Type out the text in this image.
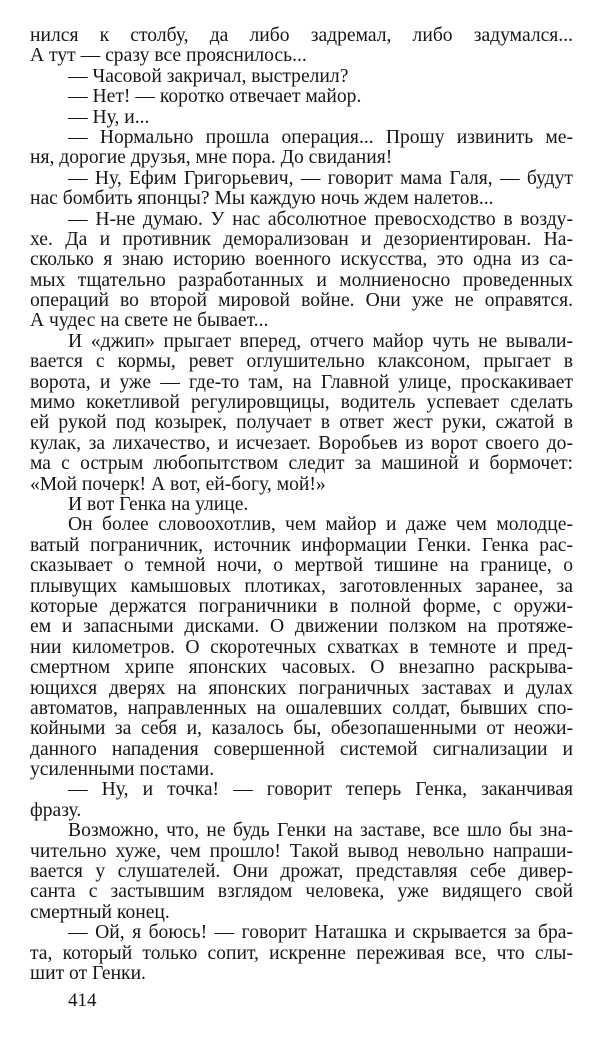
нился к столбу, да либо задремал, либо задумался...
А тут — сразу все прояснилось...
— Часовой закричал, выстрелил?
— Нет! — коротко отвечает майор.
— Ну, и...
— Нормально прошла операция... Прошу извинить ме-
ня, дорогие друзья, мне пора. До свидания!
— Ну, Ефим Григорьевич, — говорит мама Галя, — будут
нас бомбить японцы? Мы каждую ночь ждем налетов...
— Н-не думаю. У нас абсолютное превосходство в возду-
хе. Да и противник деморализован и дезориентирован. На-
сколько я знаю историю военного искусства, это одна из са-
мых тщательно разработанных и молниеносно проведенных
операций во второй мировой войне. Они уже не оправятся.
А чудес на свете не бывает...
И «джип» прыгает вперед, отчего майор чуть не вывали-
вается с кормы, ревет оглушительно клаксоном, прыгает в
ворота, и уже — где-то там, на Главной улице, проскакивает
мимо кокетливой регулировщицы, водитель успевает сделать
ей рукой под козырек, получает в ответ жест руки, сжатой в
кулак, за лихачество, и исчезает. Воробьев из ворот своего до-
ма с острым любопытством следит за машиной и бормочет:
«Мой почерк! А вот, ей-богу, мой!»
И вот Генка на улице.
Он более словоохотлив, чем майор и даже чем молодце-
ватый пограничник, источник информации Генки. Генка рас-
сказывает о темной ночи, о мертвой тишине на границе, о
плывущих камышовых плотиках, заготовленных заранее, за
которые держатся пограничники в полной форме, с оружи-
ем и запасными дисками. О движении ползком на протяже-
нии километров. О скоротечных схватках в темноте и пред-
смертном хрипе японских часовых. О внезапно раскрыва-
ющихся дверях на японских пограничных заставах и дулах
автоматов, направленных на ошалевших солдат, бывших спо-
койными за себя и, казалось бы, обезопашенными от неожи-
данного нападения совершенной системой сигнализации и
усиленными постами.
— Ну, и точка! — говорит теперь Генка, заканчивая
фразу.
Возможно, что, не будь Генки на заставе, все шло бы зна-
чительно хуже, чем прошло! Такой вывод невольно напраши-
вается у слушателей. Они дрожат, представляя себе дивер-
санта с застывшим взглядом человека, уже видящего свой
смертный конец.
— Ой, я боюсь! — говорит Наташка и скрывается за бра-
та, который только сопит, искренне переживая все, что слы-
шит от Генки.
414
